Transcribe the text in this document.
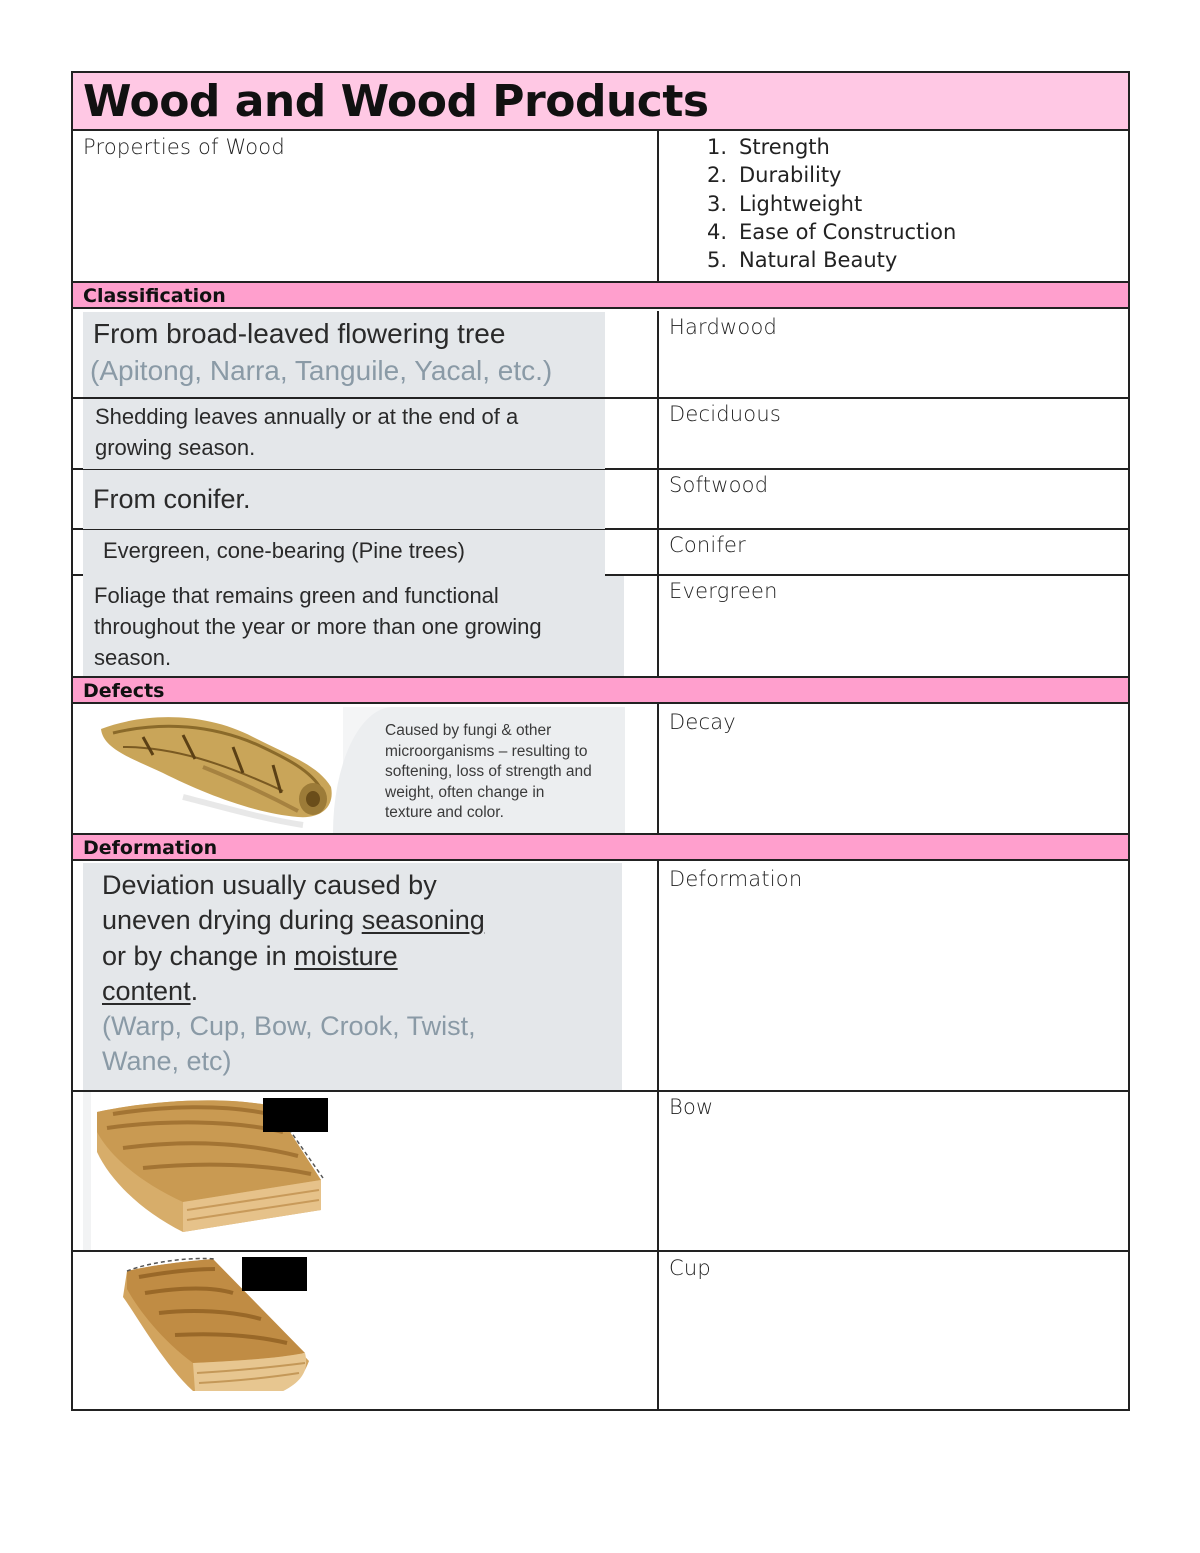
Wood and Wood Products
Properties of Wood	1. Strength
2. Durability
3. Lightweight
4. Ease of Construction
5. Natural Beauty
Classification
Hardwood
Deciduous
Softwood
Conifer
Evergreen
From broad-leaved flowering tree
(Apitong, Narra, Tanguile, Yacal, etc.)
Shedding leaves annually or at the end of a
growing season.
From conifer.
Evergreen, cone-bearing (Pine trees)
Foliage that remains green and functional
throughout the year or more than one growing
season.
Defects
Decay
Caused by fungi & other
microorganisms – resulting to
softening, loss of strength and
weight, often change in
texture and color.
Deformation
Deformation
Deviation usually caused by
uneven drying during seasoning
or by change in moisture
content.
(Warp, Cup, Bow, Crook, Twist,
Wane, etc)
Bow
Cup
